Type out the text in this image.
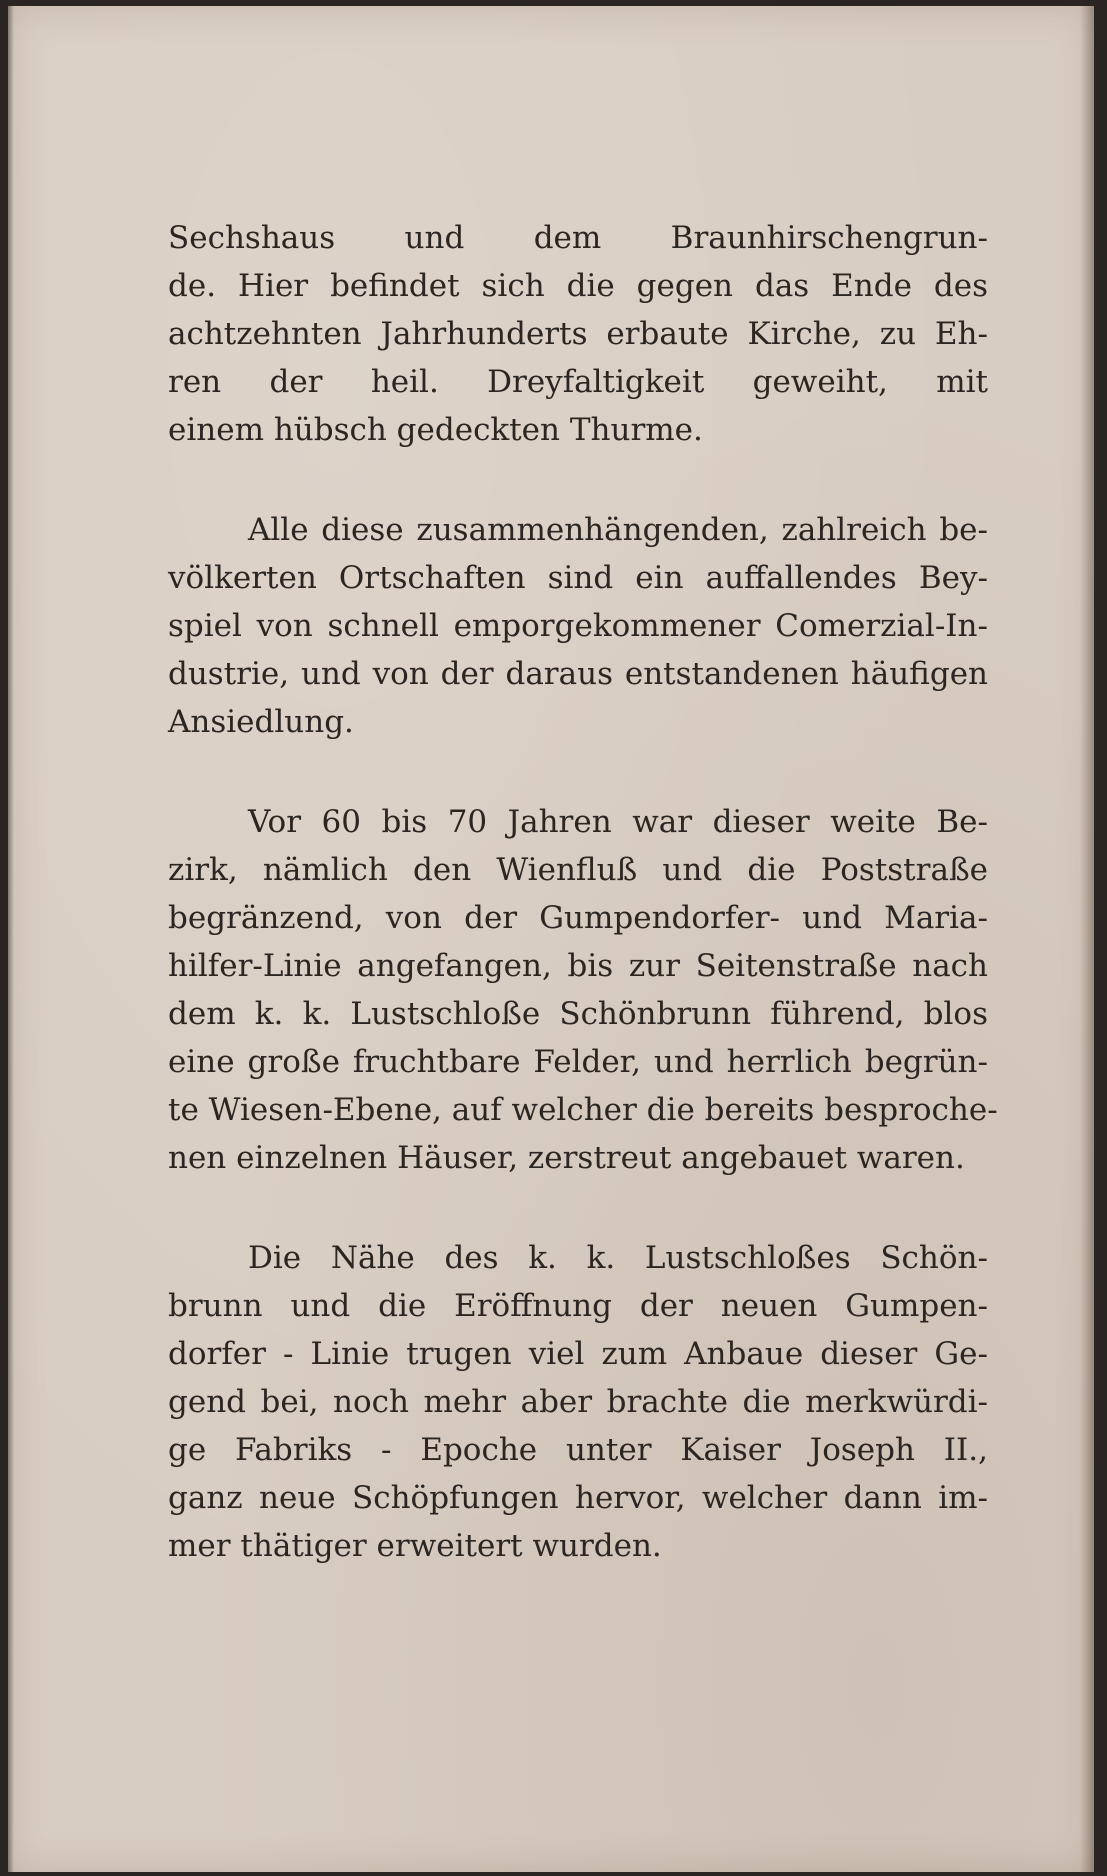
Sechshaus und dem Braunhirschengrun-
de. Hier befindet sich die gegen das Ende des
achtzehnten Jahrhunderts erbaute Kirche, zu Eh-
ren der heil. Dreyfaltigkeit geweiht, mit
einem hübsch gedeckten Thurme.
Alle diese zusammenhängenden, zahlreich be-
völkerten Ortschaften sind ein auffallendes Bey-
spiel von schnell emporgekommener Comerzial-In-
dustrie, und von der daraus entstandenen häufigen
Ansiedlung.
Vor 60 bis 70 Jahren war dieser weite Be-
zirk, nämlich den Wienfluß und die Poststraße
begränzend, von der Gumpendorfer- und Maria-
hilfer-Linie angefangen, bis zur Seitenstraße nach
dem k. k. Lustschloße Schönbrunn führend, blos
eine große fruchtbare Felder, und herrlich begrün-
te Wiesen-Ebene, auf welcher die bereits besproche-
nen einzelnen Häuser, zerstreut angebauet waren.
Die Nähe des k. k. Lustschloßes Schön-
brunn und die Eröffnung der neuen Gumpen-
dorfer - Linie trugen viel zum Anbaue dieser Ge-
gend bei, noch mehr aber brachte die merkwürdi-
ge Fabriks - Epoche unter Kaiser Joseph II.,
ganz neue Schöpfungen hervor, welcher dann im-
mer thätiger erweitert wurden.
